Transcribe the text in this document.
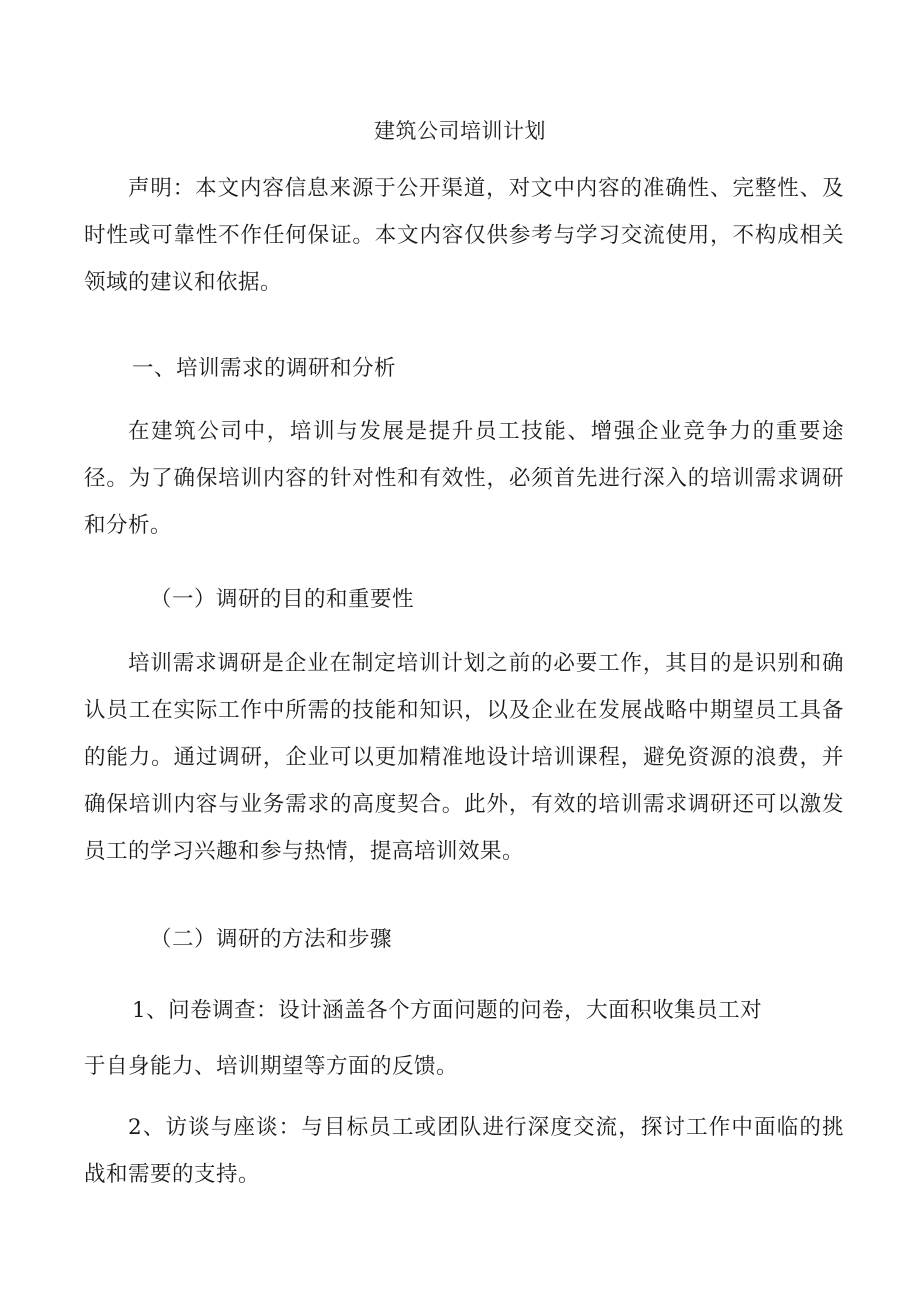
建筑公司培训计划

声明：本文内容信息来源于公开渠道，对文中内容的准确性、完整性、及时性或可靠性不作任何保证。本文内容仅供参考与学习交流使用，不构成相关领域的建议和依据。

一、培训需求的调研和分析

在建筑公司中，培训与发展是提升员工技能、增强企业竞争力的重要途径。为了确保培训内容的针对性和有效性，必须首先进行深入的培训需求调研和分析。

（一）调研的目的和重要性

培训需求调研是企业在制定培训计划之前的必要工作，其目的是识别和确认员工在实际工作中所需的技能和知识，以及企业在发展战略中期望员工具备的能力。通过调研，企业可以更加精准地设计培训课程，避免资源的浪费，并确保培训内容与业务需求的高度契合。此外，有效的培训需求调研还可以激发员工的学习兴趣和参与热情，提高培训效果。

（二）调研的方法和步骤

1、问卷调查：设计涵盖各个方面问题的问卷，大面积收集员工对

于自身能力、培训期望等方面的反馈。

2、访谈与座谈：与目标员工或团队进行深度交流，探讨工作中面临的挑战和需要的支持。
